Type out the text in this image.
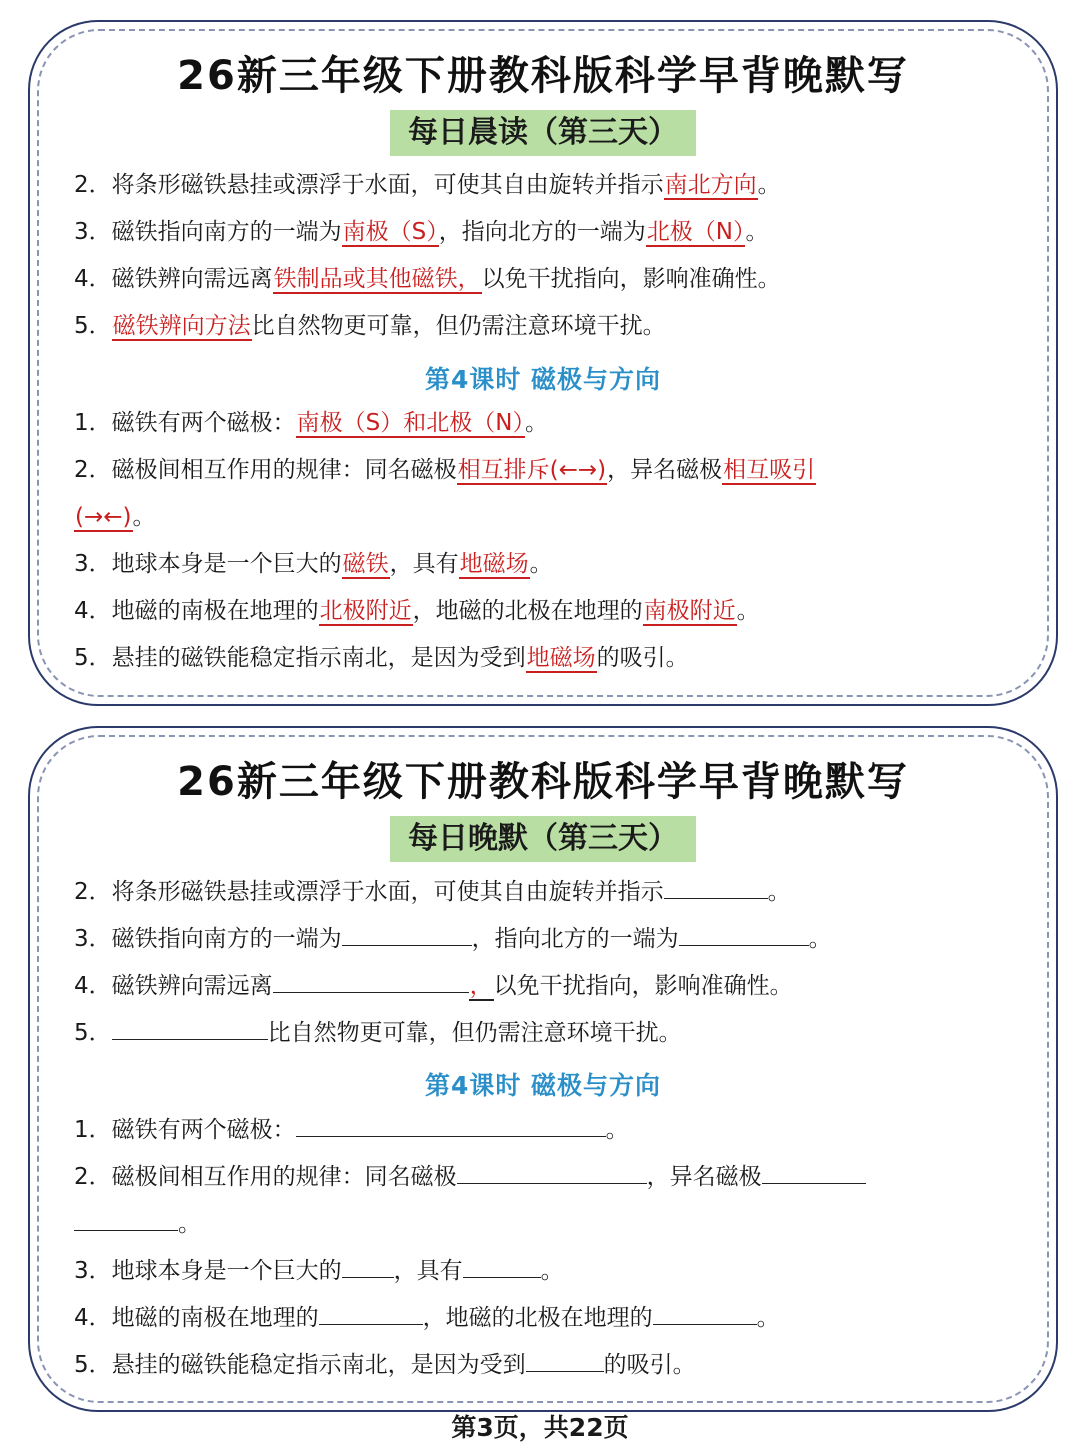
26新三年级下册教科版科学早背晚默写
每日晨读（第三天）
2．将条形磁铁悬挂或漂浮于水面，可使其自由旋转并指示南北方向。
3．磁铁指向南方的一端为南极（S），指向北方的一端为北极（N）。
4．磁铁辨向需远离铁制品或其他磁铁，以免干扰指向，影响准确性。
5．磁铁辨向方法比自然物更可靠，但仍需注意环境干扰。
第4课时 磁极与方向
1．磁铁有两个磁极：南极（S）和北极（N）。
2．磁极间相互作用的规律：同名磁极相互排斥(←→)，异名磁极相互吸引
(→←)。
3．地球本身是一个巨大的磁铁，具有地磁场。
4．地磁的南极在地理的北极附近，地磁的北极在地理的南极附近。
5．悬挂的磁铁能稳定指示南北，是因为受到地磁场的吸引。
26新三年级下册教科版科学早背晚默写
每日晚默（第三天）
2．将条形磁铁悬挂或漂浮于水面，可使其自由旋转并指示	。
3．磁铁指向南方的一端为	，指向北方的一端为	。
4．磁铁辨向需远离	，以免干扰指向，影响准确性。
5．	比自然物更可靠，但仍需注意环境干扰。
第4课时 磁极与方向
1．磁铁有两个磁极：	。
2．磁极间相互作用的规律：同名磁极	，异名磁极
。
3．地球本身是一个巨大的 ，具有	。
4．地磁的南极在地理的	，地磁的北极在地理的	。
5．悬挂的磁铁能稳定指示南北，是因为受到	的吸引。
第3页，共22页
